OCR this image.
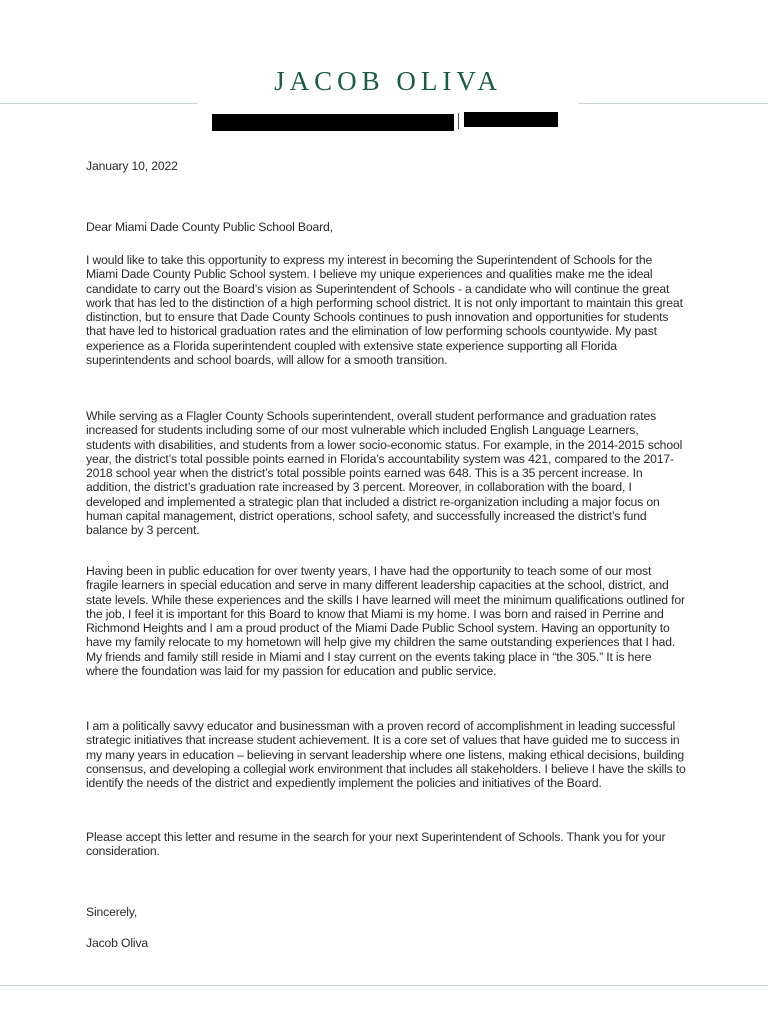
JACOB OLIVA
January 10, 2022
Dear Miami Dade County Public School Board,
I would like to take this opportunity to express my interest in becoming the Superintendent of Schools for the Miami Dade County Public School system. I believe my unique experiences and qualities make me the ideal candidate to carry out the Board’s vision as Superintendent of Schools - a candidate who will continue the great work that has led to the distinction of a high performing school district. It is not only important to maintain this great distinction, but to ensure that Dade County Schools continues to push innovation and opportunities for students that have led to historical graduation rates and the elimination of low performing schools countywide. My past experience as a Florida superintendent coupled with extensive state experience supporting all Florida superintendents and school boards, will allow for a smooth transition.
While serving as a Flagler County Schools superintendent, overall student performance and graduation rates increased for students including some of our most vulnerable which included English Language Learners, students with disabilities, and students from a lower socio-economic status. For example, in the 2014-2015 school year, the district’s total possible points earned in Florida’s accountability system was 421, compared to the 2017-2018 school year when the district’s total possible points earned was 648. This is a 35 percent increase. In addition, the district’s graduation rate increased by 3 percent. Moreover, in collaboration with the board, I developed and implemented a strategic plan that included a district re-organization including a major focus on human capital management, district operations, school safety, and successfully increased the district’s fund balance by 3 percent.
Having been in public education for over twenty years, I have had the opportunity to teach some of our most fragile learners in special education and serve in many different leadership capacities at the school, district, and state levels. While these experiences and the skills I have learned will meet the minimum qualifications outlined for the job, I feel it is important for this Board to know that Miami is my home. I was born and raised in Perrine and Richmond Heights and I am a proud product of the Miami Dade Public School system. Having an opportunity to have my family relocate to my hometown will help give my children the same outstanding experiences that I had. My friends and family still reside in Miami and I stay current on the events taking place in “the 305.” It is here where the foundation was laid for my passion for education and public service.
I am a politically savvy educator and businessman with a proven record of accomplishment in leading successful strategic initiatives that increase student achievement. It is a core set of values that have guided me to success in my many years in education – believing in servant leadership where one listens, making ethical decisions, building consensus, and developing a collegial work environment that includes all stakeholders. I believe I have the skills to identify the needs of the district and expediently implement the policies and initiatives of the Board.
Please accept this letter and resume in the search for your next Superintendent of Schools. Thank you for your consideration.
Sincerely,
Jacob Oliva
